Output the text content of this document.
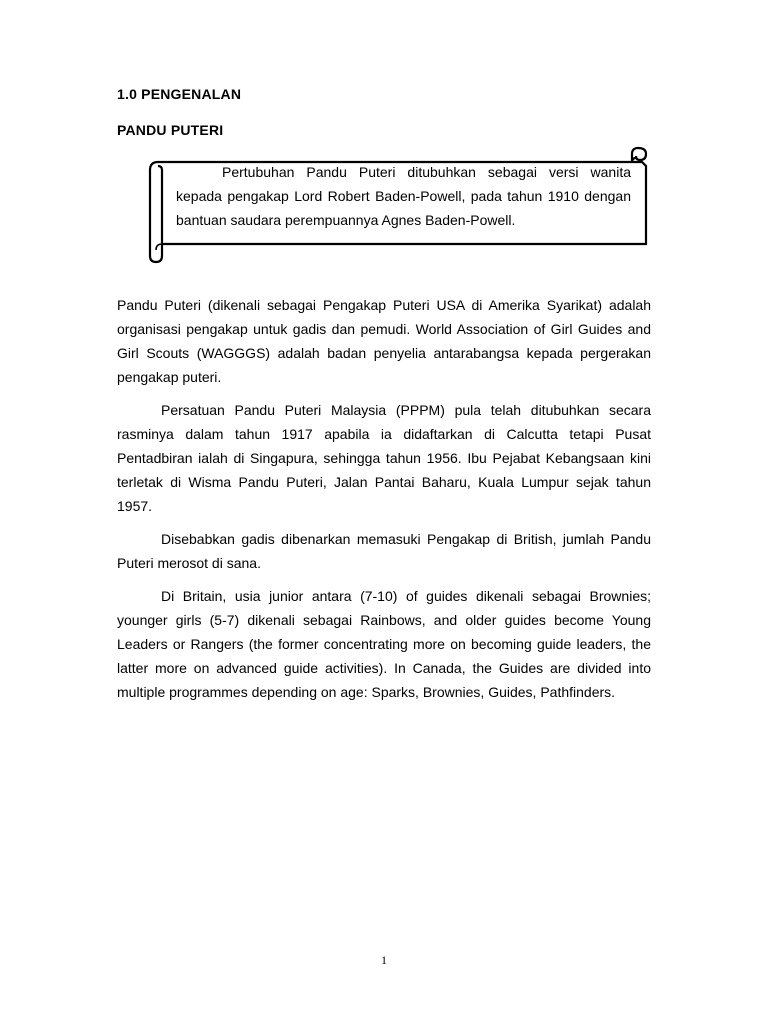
1.0 PENGENALAN
PANDU PUTERI
Pertubuhan Pandu Puteri ditubuhkan sebagai versi wanita kepada pengakap Lord Robert Baden-Powell, pada tahun 1910 dengan bantuan saudara perempuannya Agnes Baden-Powell.

Pandu Puteri (dikenali sebagai Pengakap Puteri USA di Amerika Syarikat) adalah organisasi pengakap untuk gadis dan pemudi. World Association of Girl Guides and Girl Scouts (WAGGGS) adalah badan penyelia antarabangsa kepada pergerakan pengakap puteri.

Persatuan Pandu Puteri Malaysia (PPPM) pula telah ditubuhkan secara rasminya dalam tahun 1917 apabila ia didaftarkan di Calcutta tetapi Pusat Pentadbiran ialah di Singapura, sehingga tahun 1956. Ibu Pejabat Kebangsaan kini terletak di Wisma Pandu Puteri, Jalan Pantai Baharu, Kuala Lumpur sejak tahun 1957.

Disebabkan gadis dibenarkan memasuki Pengakap di British, jumlah Pandu Puteri merosot di sana.

Di Britain, usia junior antara (7-10) of guides dikenali sebagai Brownies; younger girls (5-7) dikenali sebagai Rainbows, and older guides become Young Leaders or Rangers (the former concentrating more on becoming guide leaders, the latter more on advanced guide activities). In Canada, the Guides are divided into multiple programmes depending on age: Sparks, Brownies, Guides, Pathfinders.

1
